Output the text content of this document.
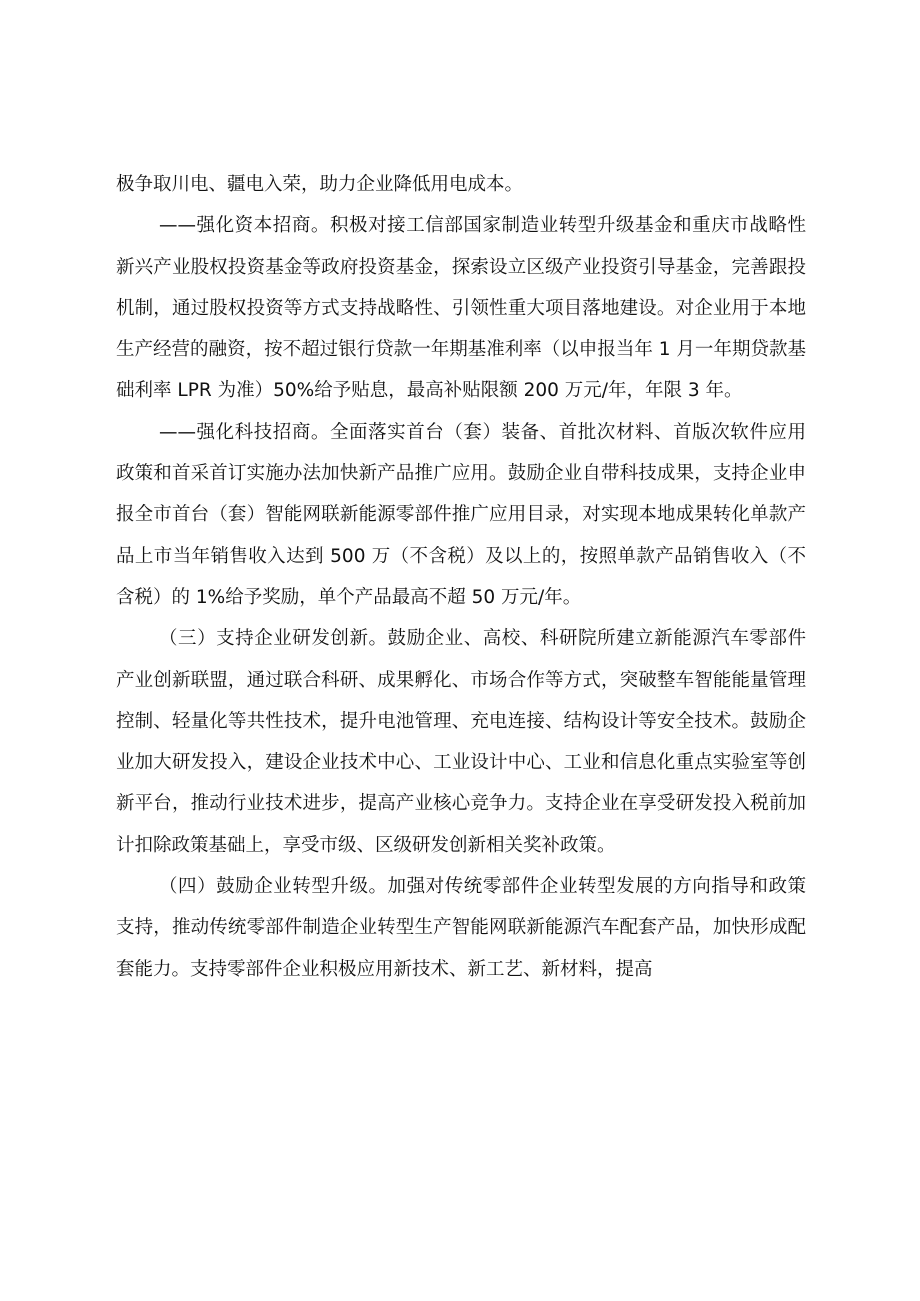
极争取川电、疆电入荣，助力企业降低用电成本。

——强化资本招商。积极对接工信部国家制造业转型升级基金和重庆市战略性新兴产业股权投资基金等政府投资基金，探索设立区级产业投资引导基金，完善跟投机制，通过股权投资等方式支持战略性、引领性重大项目落地建设。对企业用于本地生产经营的融资，按不超过银行贷款一年期基准利率（以申报当年 1 月一年期贷款基础利率 LPR 为准）50%给予贴息，最高补贴限额 200 万元/年，年限 3 年。

——强化科技招商。全面落实首台（套）装备、首批次材料、首版次软件应用政策和首采首订实施办法加快新产品推广应用。鼓励企业自带科技成果，支持企业申报全市首台（套）智能网联新能源零部件推广应用目录，对实现本地成果转化单款产品上市当年销售收入达到 500 万（不含税）及以上的，按照单款产品销售收入（不含税）的 1%给予奖励，单个产品最高不超 50 万元/年。

（三）支持企业研发创新。鼓励企业、高校、科研院所建立新能源汽车零部件产业创新联盟，通过联合科研、成果孵化、市场合作等方式，突破整车智能能量管理控制、轻量化等共性技术，提升电池管理、充电连接、结构设计等安全技术。鼓励企业加大研发投入，建设企业技术中心、工业设计中心、工业和信息化重点实验室等创新平台，推动行业技术进步，提高产业核心竞争力。支持企业在享受研发投入税前加计扣除政策基础上，享受市级、区级研发创新相关奖补政策。

（四）鼓励企业转型升级。加强对传统零部件企业转型发展的方向指导和政策支持，推动传统零部件制造企业转型生产智能网联新能源汽车配套产品，加快形成配套能力。支持零部件企业积极应用新技术、新工艺、新材料，提高
